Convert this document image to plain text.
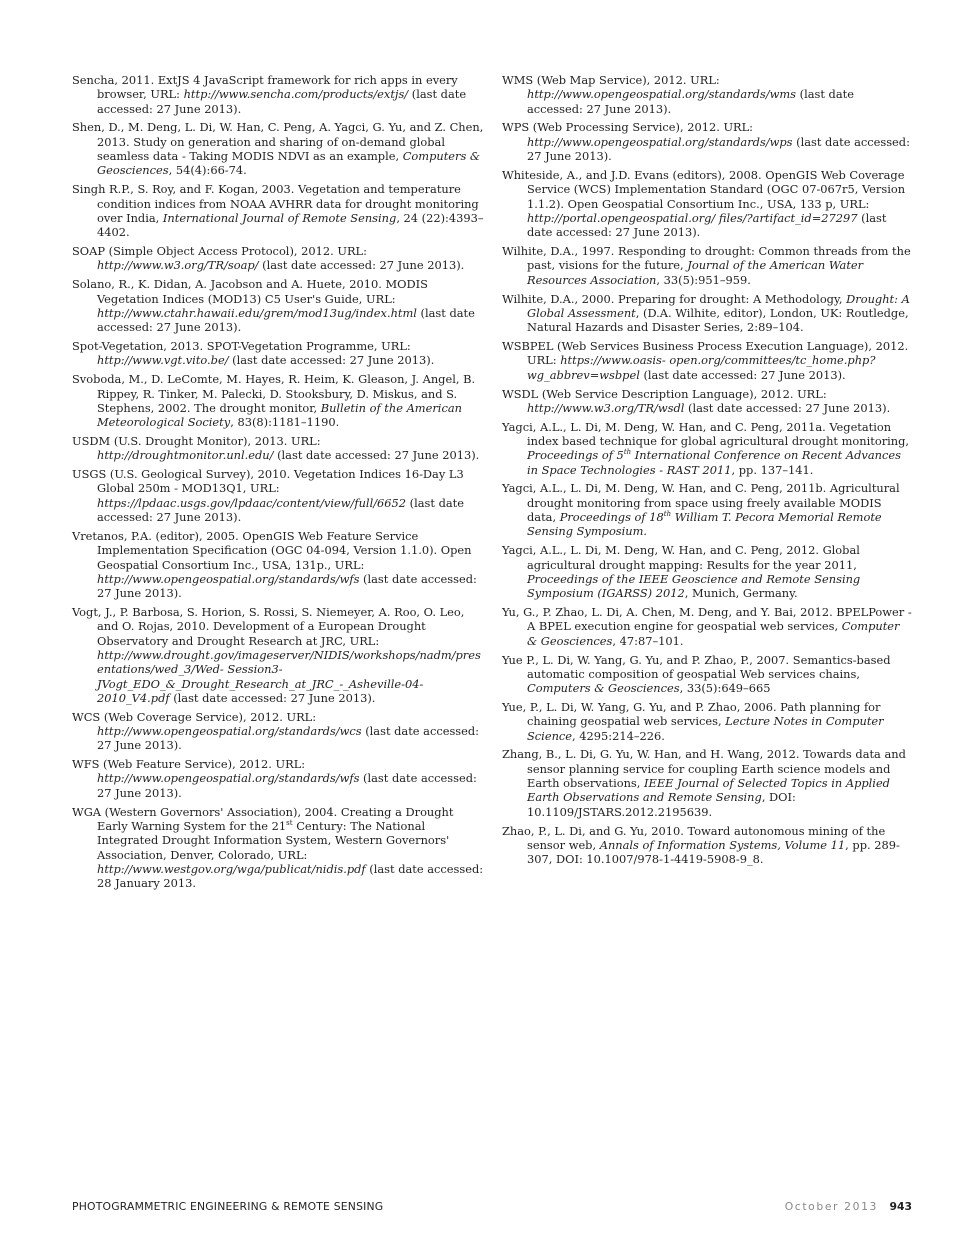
Sencha, 2011. ExtJS 4 JavaScript framework for rich apps in every browser, URL: http://www.sencha.com/products/extjs/ (last date accessed: 27 June 2013).

Shen, D., M. Deng, L. Di, W. Han, C. Peng, A. Yagci, G. Yu, and Z. Chen, 2013. Study on generation and sharing of on-demand global seamless data - Taking MODIS NDVI as an example, Computers & Geosciences, 54(4):66-74.

Singh R.P., S. Roy, and F. Kogan, 2003. Vegetation and temperature condition indices from NOAA AVHRR data for drought monitoring over India, International Journal of Remote Sensing, 24 (22):4393–4402.

SOAP (Simple Object Access Protocol), 2012. URL: http://www.w3.org/TR/soap/ (last date accessed: 27 June 2013).

Solano, R., K. Didan, A. Jacobson and A. Huete, 2010. MODIS Vegetation Indices (MOD13) C5 User's Guide, URL: http://www.ctahr.hawaii.edu/grem/mod13ug/index.html (last date accessed: 27 June 2013).

Spot-Vegetation, 2013. SPOT-Vegetation Programme, URL: http://www.vgt.vito.be/ (last date accessed: 27 June 2013).

Svoboda, M., D. LeComte, M. Hayes, R. Heim, K. Gleason, J. Angel, B. Rippey, R. Tinker, M. Palecki, D. Stooksbury, D. Miskus, and S. Stephens, 2002. The drought monitor, Bulletin of the American Meteorological Society, 83(8):1181–1190.

USDM (U.S. Drought Monitor), 2013. URL: http://droughtmonitor.unl.edu/ (last date accessed: 27 June 2013).

USGS (U.S. Geological Survey), 2010. Vegetation Indices 16-Day L3 Global 250m - MOD13Q1, URL: https://lpdaac.usgs.gov/lpdaac/content/view/full/6652 (last date accessed: 27 June 2013).

Vretanos, P.A. (editor), 2005. OpenGIS Web Feature Service Implementation Specification (OGC 04-094, Version 1.1.0). Open Geospatial Consortium Inc., USA, 131p., URL: http://www.opengeospatial.org/standards/wfs (last date accessed: 27 June 2013).

Vogt, J., P. Barbosa, S. Horion, S. Rossi, S. Niemeyer, A. Roo, O. Leo, and O. Rojas, 2010. Development of a European Drought Observatory and Drought Research at JRC, URL: http://www.drought.gov/imageserver/NIDIS/workshops/nadm/presentations/wed_3/Wed- Session3-JVogt_EDO_&_Drought_Research_at_JRC_-_Asheville-04-2010_V4.pdf (last date accessed: 27 June 2013).

WCS (Web Coverage Service), 2012. URL: http://www.opengeospatial.org/standards/wcs (last date accessed: 27 June 2013).

WFS (Web Feature Service), 2012. URL: http://www.opengeospatial.org/standards/wfs (last date accessed: 27 June 2013).

WGA (Western Governors' Association), 2004. Creating a Drought Early Warning System for the 21st Century: The National Integrated Drought Information System, Western Governors' Association, Denver, Colorado, URL: http://www.westgov.org/wga/publicat/nidis.pdf (last date accessed: 28 January 2013.

WMS (Web Map Service), 2012. URL: http://www.opengeospatial.org/standards/wms (last date accessed: 27 June 2013).

WPS (Web Processing Service), 2012. URL: http://www.opengeospatial.org/standards/wps (last date accessed: 27 June 2013).

Whiteside, A., and J.D. Evans (editors), 2008. OpenGIS Web Coverage Service (WCS) Implementation Standard (OGC 07-067r5, Version 1.1.2). Open Geospatial Consortium Inc., USA, 133 p, URL: http://portal.opengeospatial.org/ files/?artifact_id=27297 (last date accessed: 27 June 2013).

Wilhite, D.A., 1997. Responding to drought: Common threads from the past, visions for the future, Journal of the American Water Resources Association, 33(5):951–959.

Wilhite, D.A., 2000. Preparing for drought: A Methodology, Drought: A Global Assessment, (D.A. Wilhite, editor), London, UK: Routledge, Natural Hazards and Disaster Series, 2:89–104.

WSBPEL (Web Services Business Process Execution Language), 2012. URL: https://www.oasis- open.org/committees/tc_home.php?wg_abbrev=wsbpel (last date accessed: 27 June 2013).

WSDL (Web Service Description Language), 2012. URL: http://www.w3.org/TR/wsdl (last date accessed: 27 June 2013).

Yagci, A.L., L. Di, M. Deng, W. Han, and C. Peng, 2011a. Vegetation index based technique for global agricultural drought monitoring, Proceedings of 5th International Conference on Recent Advances in Space Technologies - RAST 2011, pp. 137–141.

Yagci, A.L., L. Di, M. Deng, W. Han, and C. Peng, 2011b. Agricultural drought monitoring from space using freely available MODIS data, Proceedings of 18th William T. Pecora Memorial Remote Sensing Symposium.

Yagci, A.L., L. Di, M. Deng, W. Han, and C. Peng, 2012. Global agricultural drought mapping: Results for the year 2011, Proceedings of the IEEE Geoscience and Remote Sensing Symposium (IGARSS) 2012, Munich, Germany.

Yu, G., P. Zhao, L. Di, A. Chen, M. Deng, and Y. Bai, 2012. BPELPower - A BPEL execution engine for geospatial web services, Computer & Geosciences, 47:87–101.

Yue P., L. Di, W. Yang, G. Yu, and P. Zhao, P., 2007. Semantics-based automatic composition of geospatial Web services chains, Computers & Geosciences, 33(5):649–665

Yue, P., L. Di, W. Yang, G. Yu, and P. Zhao, 2006. Path planning for chaining geospatial web services, Lecture Notes in Computer Science, 4295:214–226.

Zhang, B., L. Di, G. Yu, W. Han, and H. Wang, 2012. Towards data and sensor planning service for coupling Earth science models and Earth observations, IEEE Journal of Selected Topics in Applied Earth Observations and Remote Sensing, DOI: 10.1109/JSTARS.2012.2195639.

Zhao, P., L. Di, and G. Yu, 2010. Toward autonomous mining of the sensor web, Annals of Information Systems, Volume 11, pp. 289-307, DOI: 10.1007/978-1-4419-5908-9_8.

PHOTOGRAMMETRIC ENGINEERING & REMOTE SENSING	October 2013 943
